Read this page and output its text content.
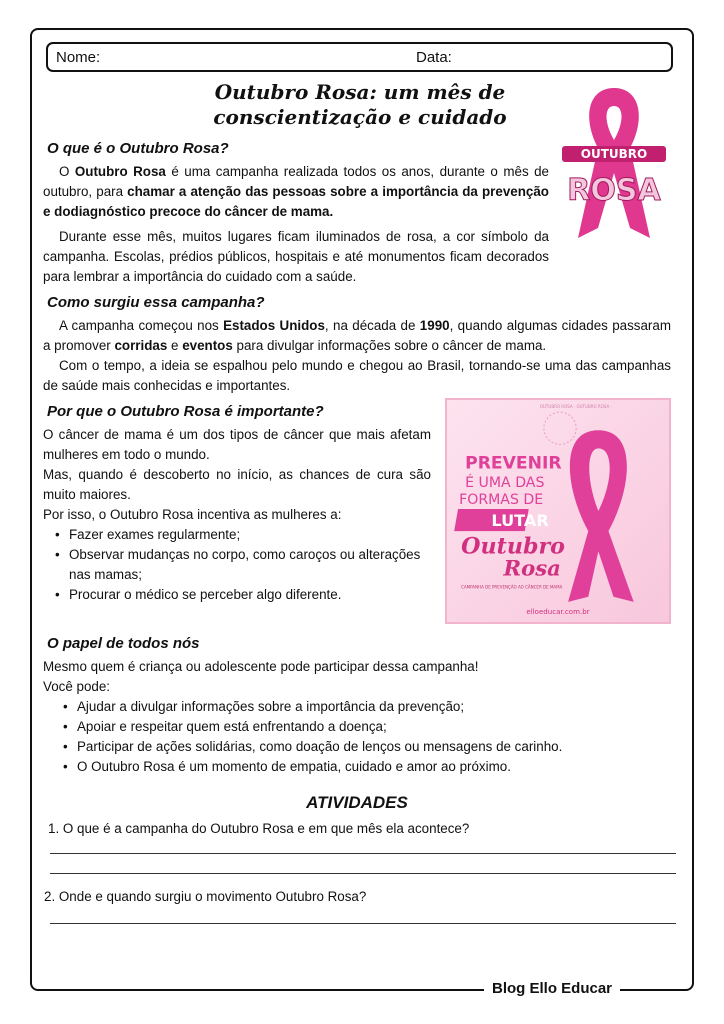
Nome:	Data:
Outubro Rosa: um mês de
conscientização e cuidado
OUTUBRO
ROSA
O que é o Outubro Rosa?
O Outubro Rosa é uma campanha realizada todos os anos, durante o mês de outubro, para chamar a atenção das pessoas sobre a importância da prevenção e dodiagnóstico precoce do câncer de mama.
Durante esse mês, muitos lugares ficam iluminados de rosa, a cor símbolo da campanha. Escolas, prédios públicos, hospitais e até monumentos ficam decorados para lembrar a importância do cuidado com a saúde.
Como surgiu essa campanha?
A campanha começou nos Estados Unidos, na década de 1990, quando algumas cidades passaram a promover corridas e eventos para divulgar informações sobre o câncer de mama.
Com o tempo, a ideia se espalhou pelo mundo e chegou ao Brasil, tornando-se uma das campanhas de saúde mais conhecidas e importantes.
PREVENIR
É UMA DAS
FORMAS DE
LUTAR
Outubro
Rosa
CAMPANHA DE PREVENÇÃO AO CÂNCER DE MAMA
OUTUBRO ROSA · OUTUBRO ROSA ·
elloeducar.com.br
Por que o Outubro Rosa é importante?
O câncer de mama é um dos tipos de câncer que mais afetam mulheres em todo o mundo.
Mas, quando é descoberto no início, as chances de cura são muito maiores.
Por isso, o Outubro Rosa incentiva as mulheres a:
• Fazer exames regularmente;
• Observar mudanças no corpo, como caroços ou alterações nas mamas;
• Procurar o médico se perceber algo diferente.
O papel de todos nós
Mesmo quem é criança ou adolescente pode participar dessa campanha!
Você pode:
• Ajudar a divulgar informações sobre a importância da prevenção;
• Apoiar e respeitar quem está enfrentando a doença;
• Participar de ações solidárias, como doação de lenços ou mensagens de carinho.
• O Outubro Rosa é um momento de empatia, cuidado e amor ao próximo.
ATIVIDADES
1. O que é a campanha do Outubro Rosa e em que mês ela acontece?
2. Onde e quando surgiu o movimento Outubro Rosa?
Blog Ello Educar
